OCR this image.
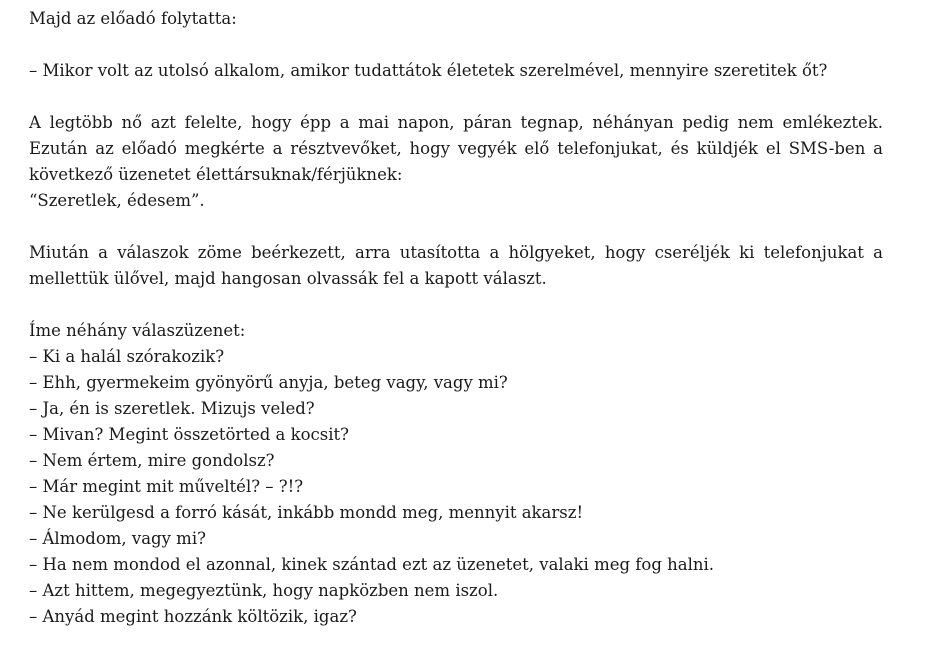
Majd az előadó folytatta:

– Mikor volt az utolsó alkalom, amikor tudattátok életetek szerelmével, mennyire szeretitek őt?

A legtöbb nő azt felelte, hogy épp a mai napon, páran tegnap, néhányan pedig nem emlékeztek. Ezután az előadó megkérte a résztvevőket, hogy vegyék elő telefonjukat, és küldjék el SMS-ben a következő üzenetet élettársuknak/férjüknek:

“Szeretlek, édesem”.

Miután a válaszok zöme beérkezett, arra utasította a hölgyeket, hogy cseréljék ki telefonjukat a mellettük ülővel, majd hangosan olvassák fel a kapott választ.

Íme néhány válaszüzenet:

– Ki a halál szórakozik?
– Ehh, gyermekeim gyönyörű anyja, beteg vagy, vagy mi?
– Ja, én is szeretlek. Mizujs veled?
– Mivan? Megint összetörted a kocsit?
– Nem értem, mire gondolsz?
– Már megint mit műveltél? – ?!?
– Ne kerülgesd a forró kását, inkább mondd meg, mennyit akarsz!
– Álmodom, vagy mi?
– Ha nem mondod el azonnal, kinek szántad ezt az üzenetet, valaki meg fog halni.
– Azt hittem, megegyeztünk, hogy napközben nem iszol.
– Anyád megint hozzánk költözik, igaz?
